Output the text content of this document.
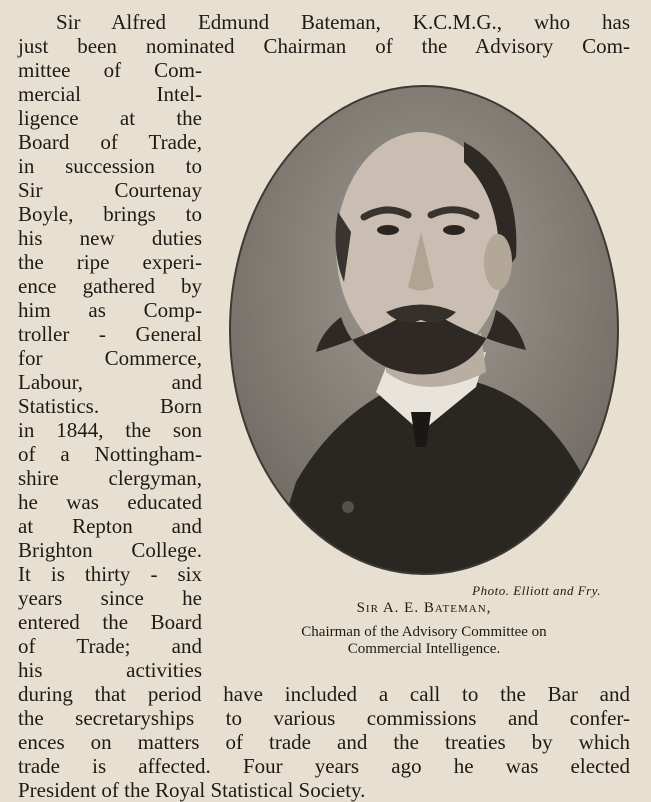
Sir Alfred Edmund Bateman, K.C.M.G., who has
just been nominated Chairman of the Advisory Com-
mittee of Com-
mercial Intel-
ligence at the
Board of Trade,
in succession to
Sir Courtenay
Boyle, brings to
his new duties
the ripe experi-
ence gathered by
him as Comp-
troller - General
for Commerce,
Labour, and
Statistics. Born
in 1844, the son
of a Nottingham-
shire clergyman,
he was educated
at Repton and
Brighton College.
It is thirty - six
years since he
entered the Board
of Trade; and
his activities
during that period have included a call to the Bar and
the secretaryships to various commissions and confer-
ences on matters of trade and the treaties by which
trade is affected. Four years ago he was elected
President of the Royal Statistical Society.
Photo. Elliott and Fry.
Sir A. E. Bateman,
Chairman of the Advisory Committee on
Commercial Intelligence.
